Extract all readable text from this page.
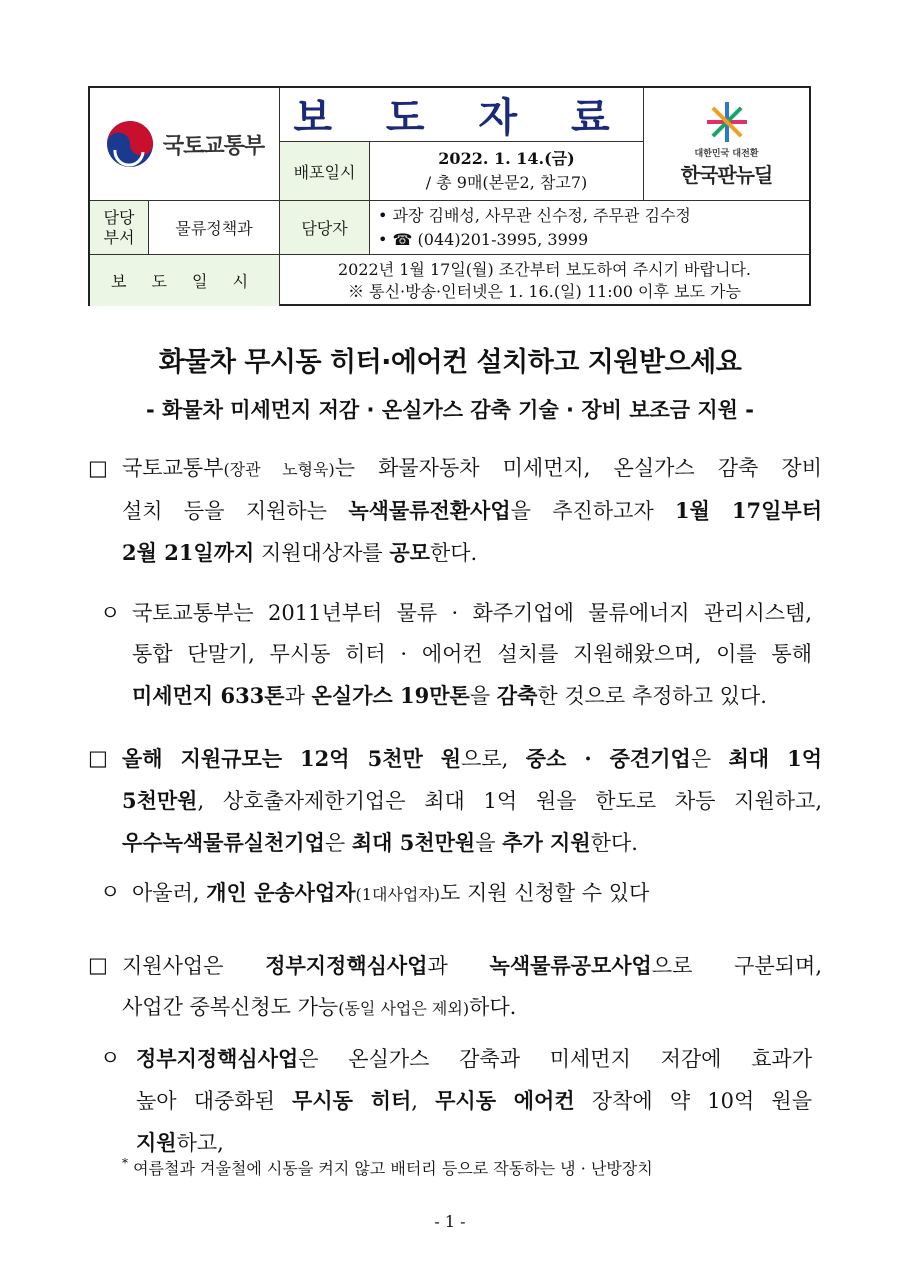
국토교통부
보 도 자 료
배포일시
2022. 1. 14.(금)
/ 총 9매(본문2, 참고7)
대한민국 대전환
한국판뉴딜
담당
부서	물류정책과	담당자
• 과장 김배성, 사무관 신수정, 주무관 김수정
• ☎ (044)201-3995, 3999
보 도 일 시
2022년 1월 17일(월) 조간부터 보도하여 주시기 바랍니다.
※ 통신·방송·인터넷은 1. 16.(일) 11:00 이후 보도 가능
화물차 무시동 히터·에어컨 설치하고 지원받으세요
- 화물차 미세먼지 저감 · 온실가스 감축 기술 · 장비 보조금 지원 -
□ 국토교통부(장관 노형욱)는 화물자동차 미세먼지, 온실가스 감축 장비
설치 등을 지원하는 녹색물류전환사업을 추진하고자 1월 17일부터
2월 21일까지 지원대상자를 공모한다.
ㅇ 국토교통부는 2011년부터 물류 · 화주기업에 물류에너지 관리시스템,
통합 단말기, 무시동 히터 · 에어컨 설치를 지원해왔으며, 이를 통해
미세먼지 633톤과 온실가스 19만톤을 감축한 것으로 추정하고 있다.
□ 올해 지원규모는 12억 5천만 원으로, 중소 · 중견기업은 최대 1억
5천만원, 상호출자제한기업은 최대 1억 원을 한도로 차등 지원하고,
우수녹색물류실천기업은 최대 5천만원을 추가 지원한다.
ㅇ 아울러, 개인 운송사업자(1대사업자)도 지원 신청할 수 있다
□ 지원사업은 정부지정핵심사업과 녹색물류공모사업으로 구분되며,
사업간 중복신청도 가능(동일 사업은 제외)하다.
ㅇ 정부지정핵심사업은 온실가스 감축과 미세먼지 저감에 효과가
높아 대중화된 무시동 히터, 무시동 에어컨 장착에 약 10억 원을
지원하고,
* 여름철과 겨울철에 시동을 켜지 않고 배터리 등으로 작동하는 냉 · 난방장치
- 1 -
